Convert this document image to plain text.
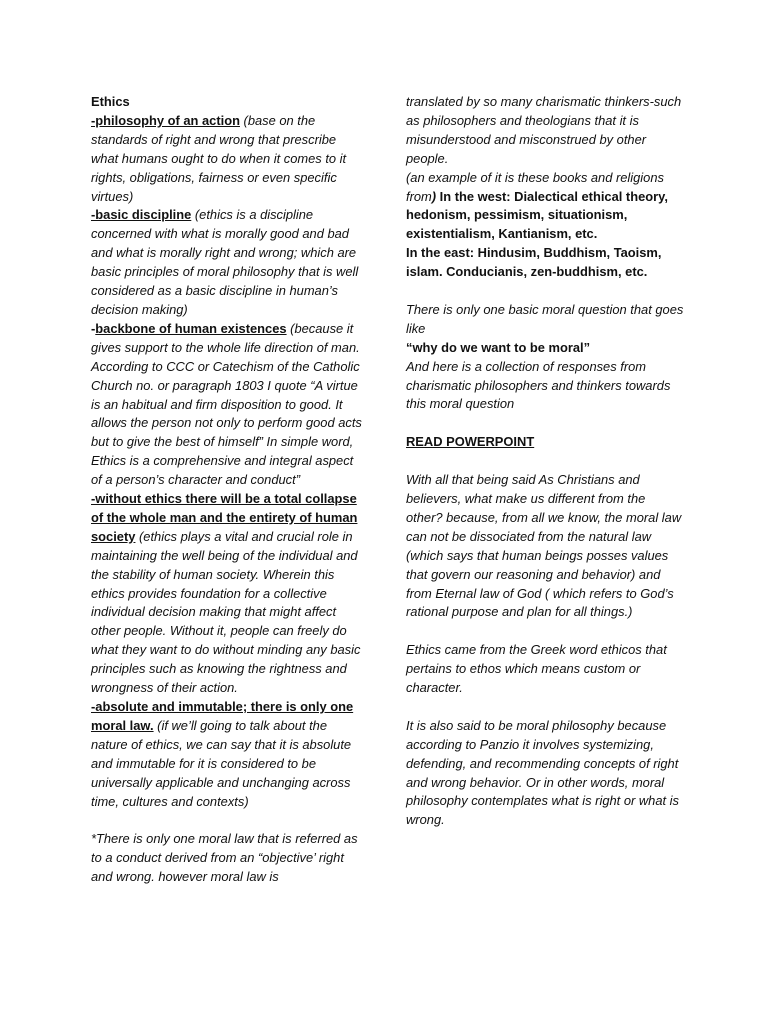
Ethics

-philosophy of an action (base on the standards of right and wrong that prescribe what humans ought to do when it comes to it rights, obligations, fairness or even specific virtues)

-basic discipline (ethics is a discipline concerned with what is morally good and bad and what is morally right and wrong; which are basic principles of moral philosophy that is well considered as a basic discipline in human’s decision making)

-backbone of human existences (because it gives support to the whole life direction of man. According to CCC or Catechism of the Catholic Church no. or paragraph 1803 I quote “A virtue is an habitual and firm disposition to good. It allows the person not only to perform good acts but to give the best of himself” In simple word, Ethics is a comprehensive and integral aspect of a person’s character and conduct”

-without ethics there will be a total collapse of the whole man and the entirety of human society (ethics plays a vital and crucial role in maintaining the well being of the individual and the stability of human society. Wherein this ethics provides foundation for a collective individual decision making that might affect other people. Without it, people can freely do what they want to do without minding any basic principles such as knowing the rightness and wrongness of their action.

-absolute and immutable; there is only one moral law. (if we’ll going to talk about the nature of ethics, we can say that it is absolute and immutable for it is considered to be universally applicable and unchanging across time, cultures and contexts)

*There is only one moral law that is referred as to a conduct derived from an “objective’ right and wrong. however moral law is

translated by so many charismatic thinkers-such as philosophers and theologians that it is misunderstood and misconstrued by other people.

(an example of it is these books and religions from) In the west: Dialectical ethical theory, hedonism, pessimism, situationism, existentialism, Kantianism, etc.

In the east: Hindusim, Buddhism, Taoism, islam. Conducianis, zen-buddhism, etc.

There is only one basic moral question that goes like

“why do we want to be moral”

And here is a collection of responses from charismatic philosophers and thinkers towards this moral question

READ POWERPOINT

With all that being said As Christians and believers, what make us different from the other? because, from all we know, the moral law can not be dissociated from the natural law (which says that human beings posses values that govern our reasoning and behavior) and from Eternal law of God ( which refers to God’s rational purpose and plan for all things.)

Ethics came from the Greek word ethicos that pertains to ethos which means custom or character.

It is also said to be moral philosophy because according to Panzio it involves systemizing, defending, and recommending concepts of right and wrong behavior. Or in other words, moral philosophy contemplates what is right or what is wrong.
